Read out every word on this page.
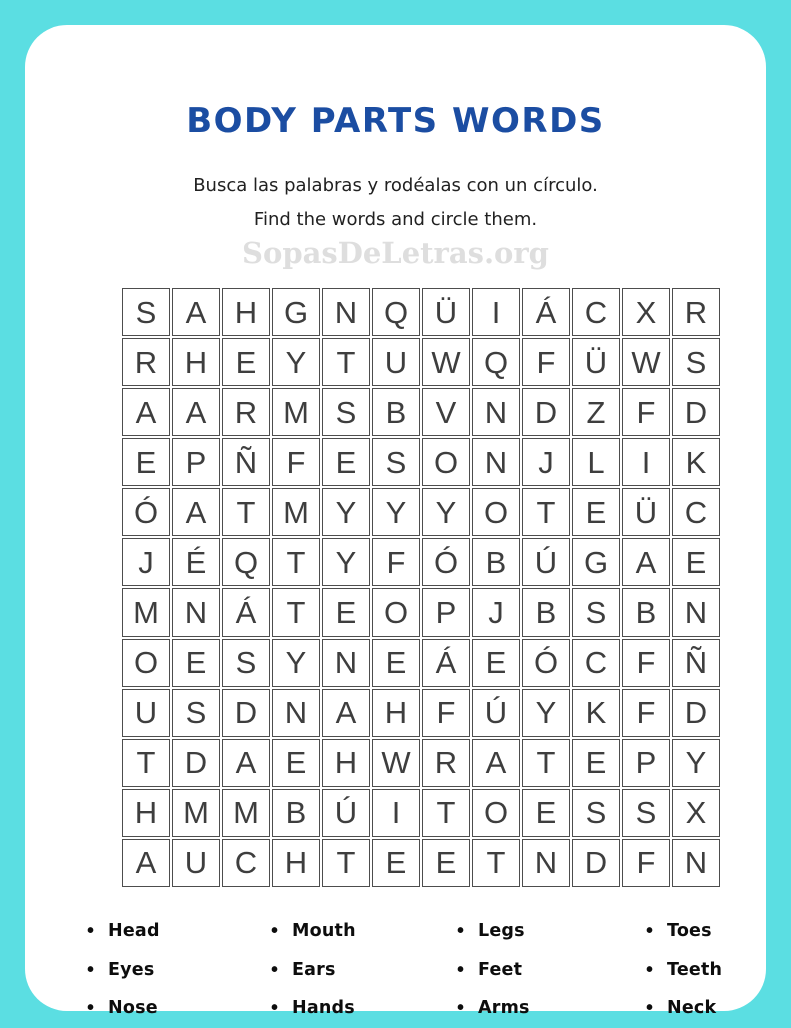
BODY PARTS WORDS

Busca las palabras y rodéalas con un círculo.

Find the words and circle them.

SopasDeLetras.org
S A H G N Q Ü	I	Á C X R
R H E Y T U W Q F Ü W S
A A R M S B V N D Z	F D
E P Ñ F E S O N	J	L	I	K
Ó A T M Y Y Y O T E Ü C
J	É Q T Y F Ó B Ú G A E
M N Á T E O P	J	B S B N
O E S Y N E Á E Ó C F Ñ
U S D N A H F Ú Y K F D
T D A E H W R A T E P Y
H M M B Ú	I	T O E S S X
A U C H T E E T N D F N
• Head
• Eyes
• Nose
• Mouth
• Ears
• Hands
• Legs
• Feet
• Arms
• Toes
• Teeth
• Neck
